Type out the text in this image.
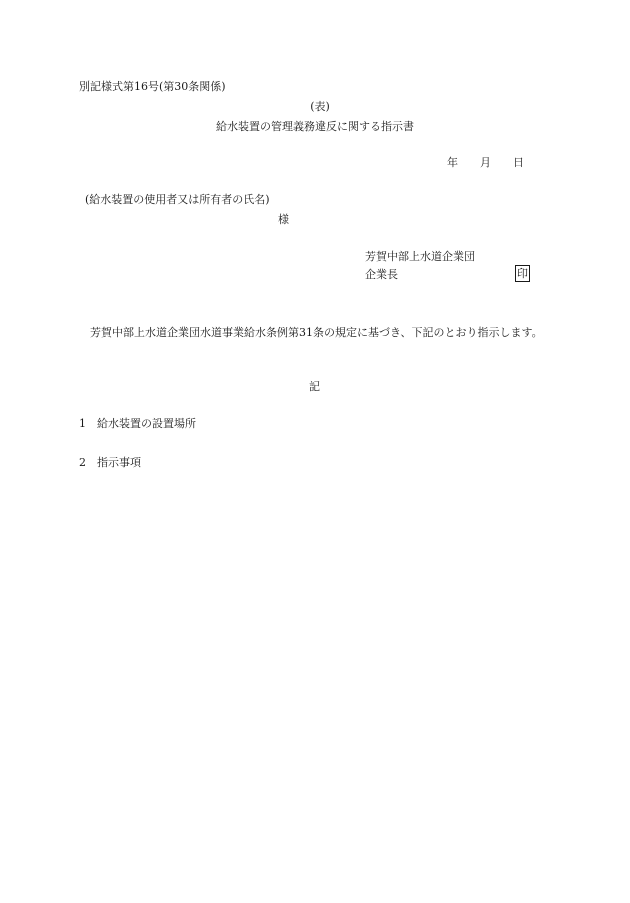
別記様式第16号(第30条関係)
(表)
給水装置の管理義務違反に関する指示書
年 月 日
(給水装置の使用者又は所有者の氏名)
様
芳賀中部上水道企業団
企業長	印
芳賀中部上水道企業団水道事業給水条例第31条の規定に基づき、下記のとおり指示します。
記
1 給水装置の設置場所
2 指示事項
